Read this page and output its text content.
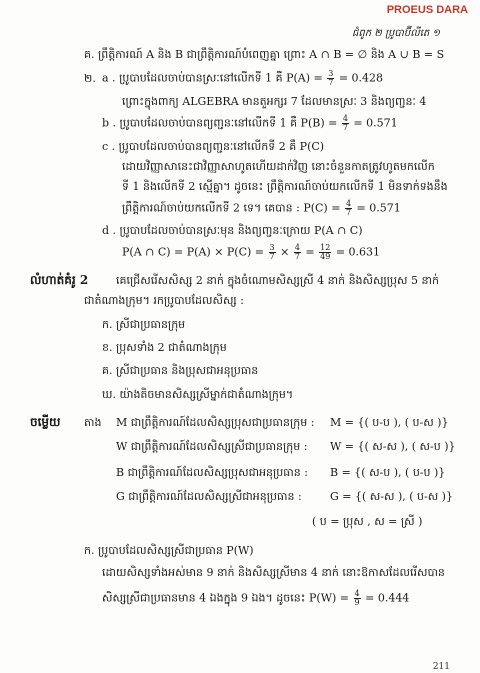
PROEUS DARA
ជំពូក ២ ប្រូបាប៊ីលីតេ ១
គ. ព្រឹត្តិការណ៍ A និង B ជាព្រឹត្តិការណ៍បំពេញគ្នា ព្រោះ A ∩ B = ∅ និង A ∪ B = S
២. a . ប្រូបាបដែលចាប់បានស្រៈនៅលើកទី 1 គឺ $P(A) = \frac{3}{7} = 0.428$
ព្រោះក្នុងពាក្យ ALGEBRA មានតួអក្សរ 7 ដែលមានស្រៈ 3 និងព្យញ្ជនៈ 4
b . ប្រូបាបដែលចាប់បានព្យញ្ជនៈនៅលើកទី 1 គឺ $P(B) = \frac{4}{7} = 0.571$
c . ប្រូបាបដែលចាប់បានព្យញ្ជនៈនៅលើកទី 2 គឺ P(C)
ដោយវិញ្ញាសានេះជាវិញ្ញាសាហូតហើយដាក់វិញ នោះចំនួនកាតត្រូវហូតមកលើក
ទី 1 និងលើកទី 2 ស្មើគ្នា។ ដូចនេះ ព្រឹត្តិការណ៍ចាប់យកលើកទី 1 មិនទាក់ទងនឹង
ព្រឹត្តិការណ៍ចាប់យកលើកទី 2 ទេ។ គេបាន : $P(C) = \frac{4}{7} = 0.571$
d . ប្រូបាបដែលចាប់បានស្រៈមុន និងព្យញ្ជនៈក្រោយ P(A ∩ C)
P(A ∩ $C) = P(A) \times P(C) = \frac{3}{7} \times \frac{4}{7} = \frac{12}{49} = 0.631$
លំហាត់គំរូ 2	គេជ្រើសរើសសិស្ស 2 នាក់ ក្នុងចំណោមសិស្សស្រី 4 នាក់ និងសិស្សប្រុស 5 នាក់
ជាតំណាងក្រុម។ រកប្រូបាបដែលសិស្ស :
ក. ស្រីជាប្រធានក្រុម
ខ. ប្រុសទាំង 2 ជាតំណាងក្រុម
គ. ស្រីជាប្រធាន និងប្រុសជាអនុប្រធាន
ឃ. យ៉ាងតិចមានសិស្សស្រីម្នាក់ជាតំណាងក្រុម។
ចម្លើយ តាង M ជាព្រឹត្តិការណ៍ដែលសិស្សប្រុសជាប្រធានក្រុម : M = {( ប-ប ), ( ប-ស )}
W ជាព្រឹត្តិការណ៍ដែលសិស្សស្រីជាប្រធានក្រុម : W = {( ស-ស ), ( ស-ប )}
B ជាព្រឹត្តិការណ៍ដែលសិស្សប្រុសជាអនុប្រធាន : B = {( ស-ប ), ( ប-ប )}
G ជាព្រឹត្តិការណ៍ដែលសិស្សស្រីជាអនុប្រធាន :	G = {( ស-ស ), ( ប-ស )}
( ប = ប្រុស , ស = ស្រី )
ក. ប្រូបាបដែលសិស្សស្រីជាប្រធាន P(W)
ដោយសិស្សទាំងអស់មាន 9 នាក់ និងសិស្សស្រីមាន 4 នាក់ នោះឱកាសដែលរើសបាន
សិស្សស្រីជាប្រធានមាន 4 ឯងក្នុង 9 ឯង។ ដូចនេះ $P(W) = \frac{4}{9} = 0.444$
211
